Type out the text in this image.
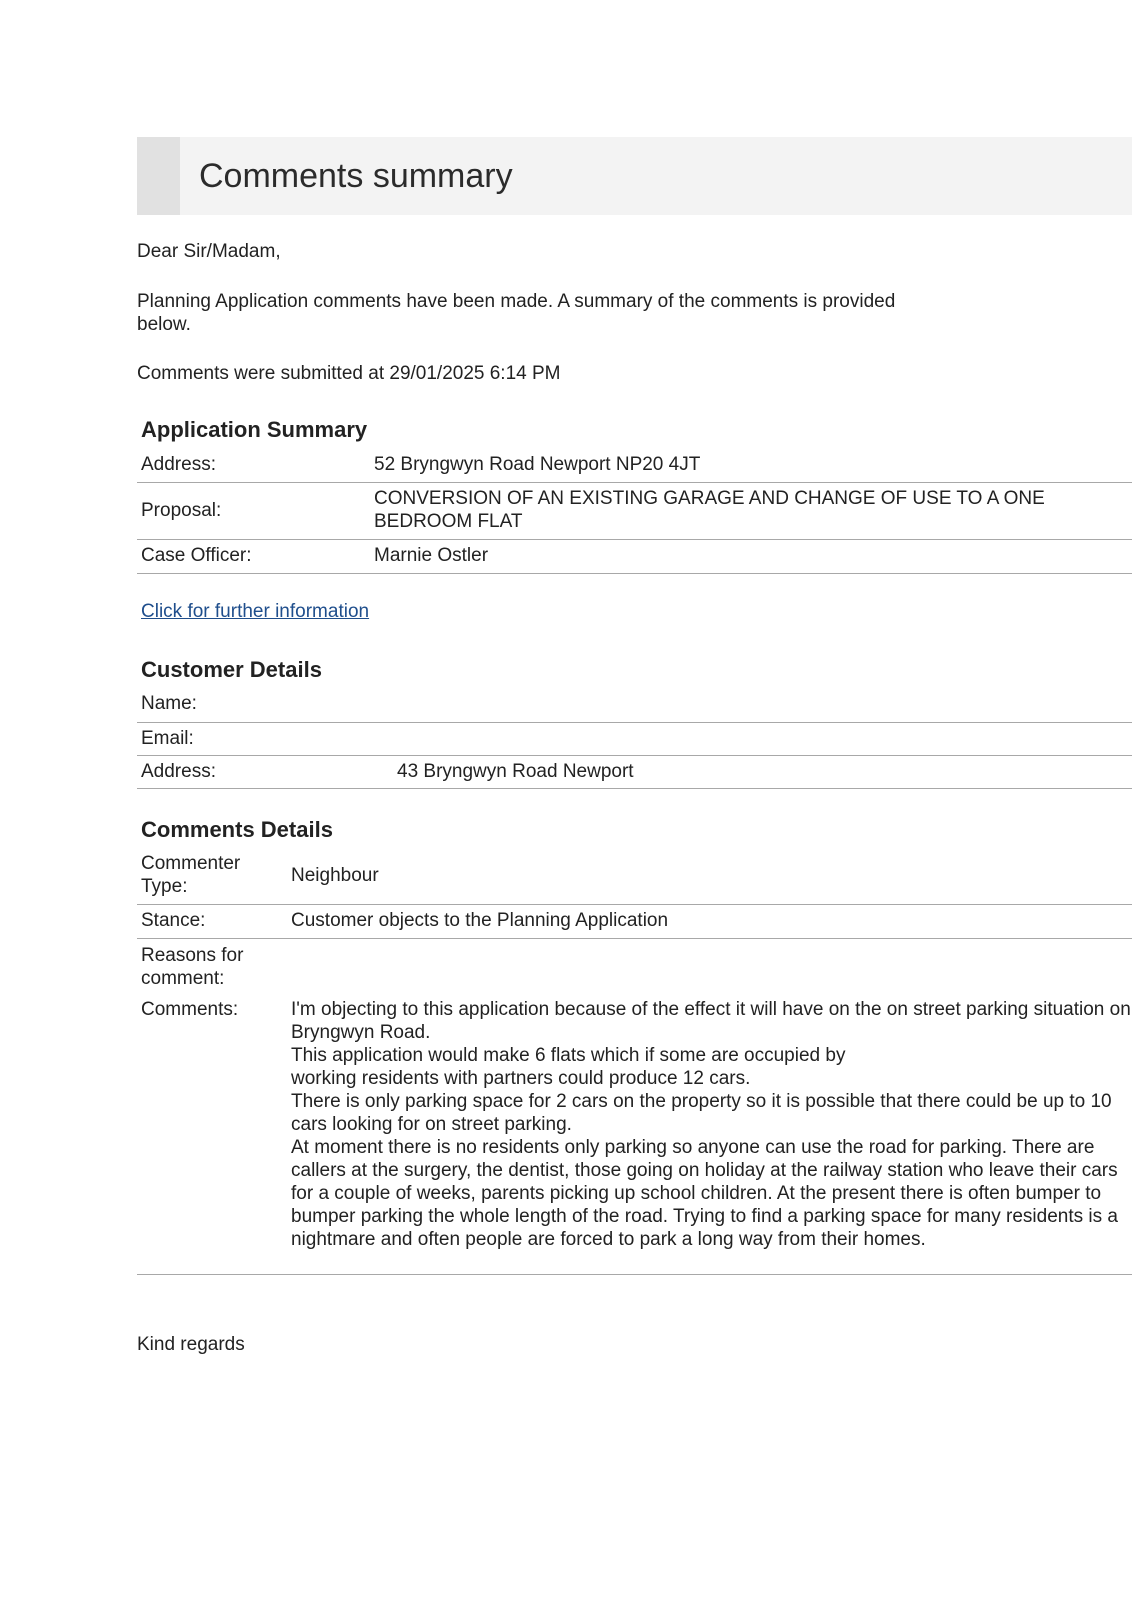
Comments summary
Dear Sir/Madam,
Planning Application comments have been made. A summary of the comments is provided below.
Comments were submitted at 29/01/2025 6:14 PM
Application Summary
Address:	52 Bryngwyn Road Newport NP20 4JT
Proposal:
CONVERSION OF AN EXISTING GARAGE AND CHANGE OF USE TO A ONE BEDROOM FLAT
Case Officer:	Marnie Ostler
Click for further information
Customer Details
Name:
Email:
Address:	43 Bryngwyn Road Newport
Comments Details
Commenter
Type:
Neighbour
Stance:	Customer objects to the Planning Application
Reasons for
comment:
Comments:	I'm objecting to this application because of the effect it will have on the on street parking situation on Bryngwyn Road.
This application would make 6 flats which if some are occupied by
working residents with partners could produce 12 cars.
There is only parking space for 2 cars on the property so it is possible that there could be up to 10 cars looking for on street parking.
At moment there is no residents only parking so anyone can use the road for parking. There are callers at the surgery, the dentist, those going on holiday at the railway station who leave their cars for a couple of weeks, parents picking up school children. At the present there is often bumper to bumper parking the whole length of the road. Trying to find a parking space for many residents is a nightmare and often people are forced to park a long way from their homes.
Kind regards
